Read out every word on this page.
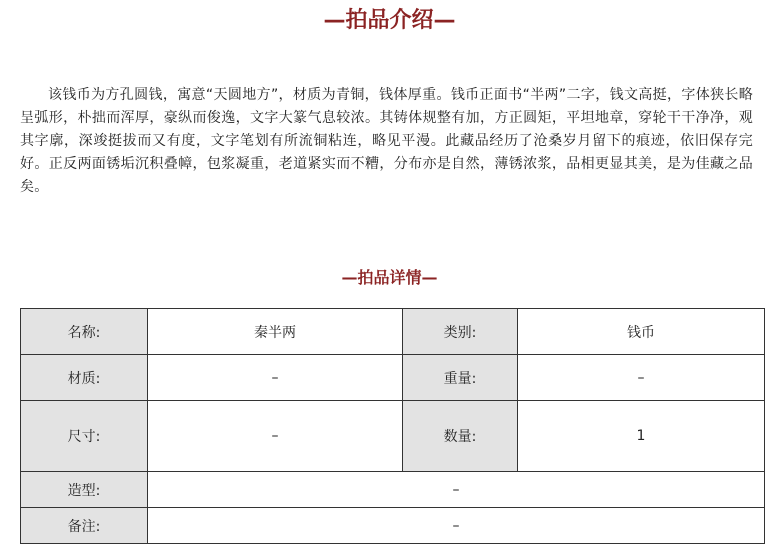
—拍品介绍—

该钱币为方孔圆钱，寓意“天圆地方”，材质为青铜，钱体厚重。钱币正面书“半两”二字，钱文高挺，字体狭长略呈弧形，朴拙而浑厚，豪纵而俊逸，文字大篆气息较浓。其铸体规整有加，方正圆矩，平坦地章，穿轮干干净净，观其字廓，深竣挺拔而又有度，文字笔划有所流铜粘连，略见平漫。此藏品经历了沧桑岁月留下的痕迹，依旧保存完好。正反两面锈垢沉积叠幛，包浆凝重，老道紧实而不糟，分布亦是自然，薄锈浓浆，品相更显其美，是为佳藏之品矣。

—拍品详情—
名称:	秦半两	类别:	钱币
材质:	–	重量:	–
尺寸:	–	数量:	1
造型:	–		
备注:	–		
